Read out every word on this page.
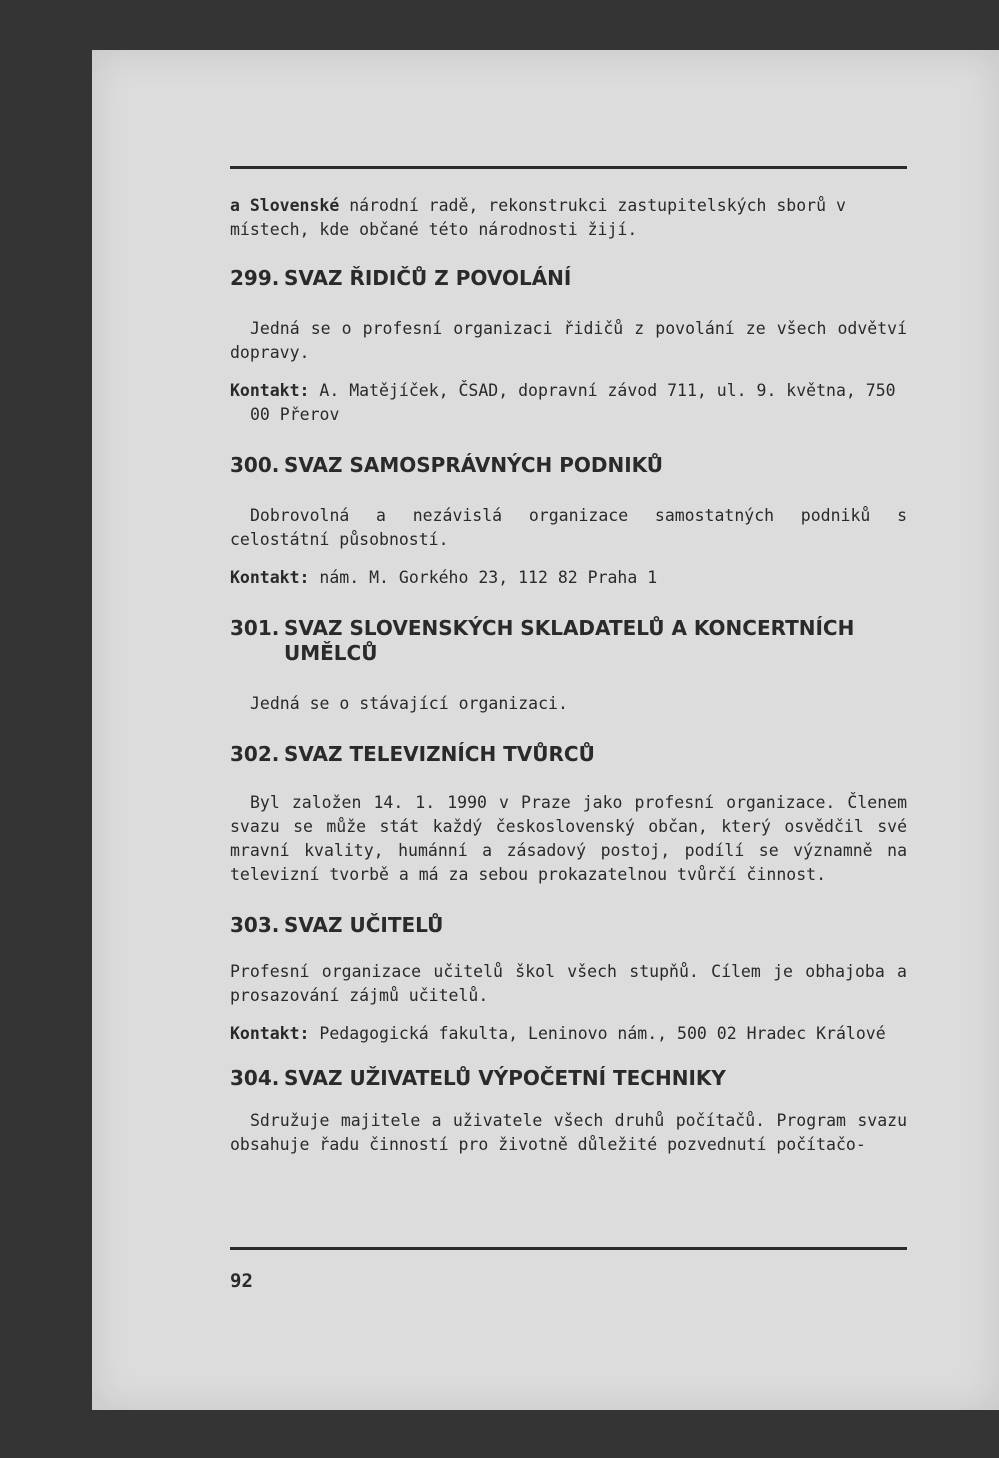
a Slovenské národní radě, rekonstrukci zastupitelských sborů v místech, kde občané této národnosti žijí.

299. SVAZ ŘIDIČŮ Z POVOLÁNÍ

Jedná se o profesní organizaci řidičů z povolání ze všech odvětví dopravy.

Kontakt: A. Matějíček, ČSAD, dopravní závod 711, ul. 9. května, 750 00 Přerov

300. SVAZ SAMOSPRÁVNÝCH PODNIKŮ

Dobrovolná a nezávislá organizace samostatných podniků s celostátní působností.

Kontakt: nám. M. Gorkého 23, 112 82 Praha 1

301. SVAZ SLOVENSKÝCH SKLADATELŮ A KONCERTNÍCH UMĚLCŮ

Jedná se o stávající organizaci.

302. SVAZ TELEVIZNÍCH TVŮRCŮ

Byl založen 14. 1. 1990 v Praze jako profesní organizace. Členem svazu se může stát každý československý občan, který osvědčil své mravní kvality, humánní a zásadový postoj, podílí se významně na televizní tvorbě a má za sebou prokazatelnou tvůrčí činnost.

303. SVAZ UČITELŮ

Profesní organizace učitelů škol všech stupňů. Cílem je obhajoba a prosazování zájmů učitelů.

Kontakt: Pedagogická fakulta, Leninovo nám., 500 02 Hradec Králové

304. SVAZ UŽIVATELŮ VÝPOČETNÍ TECHNIKY

Sdružuje majitele a uživatele všech druhů počítačů. Program svazu obsahuje řadu činností pro životně důležité pozvednutí počítačo-

92
